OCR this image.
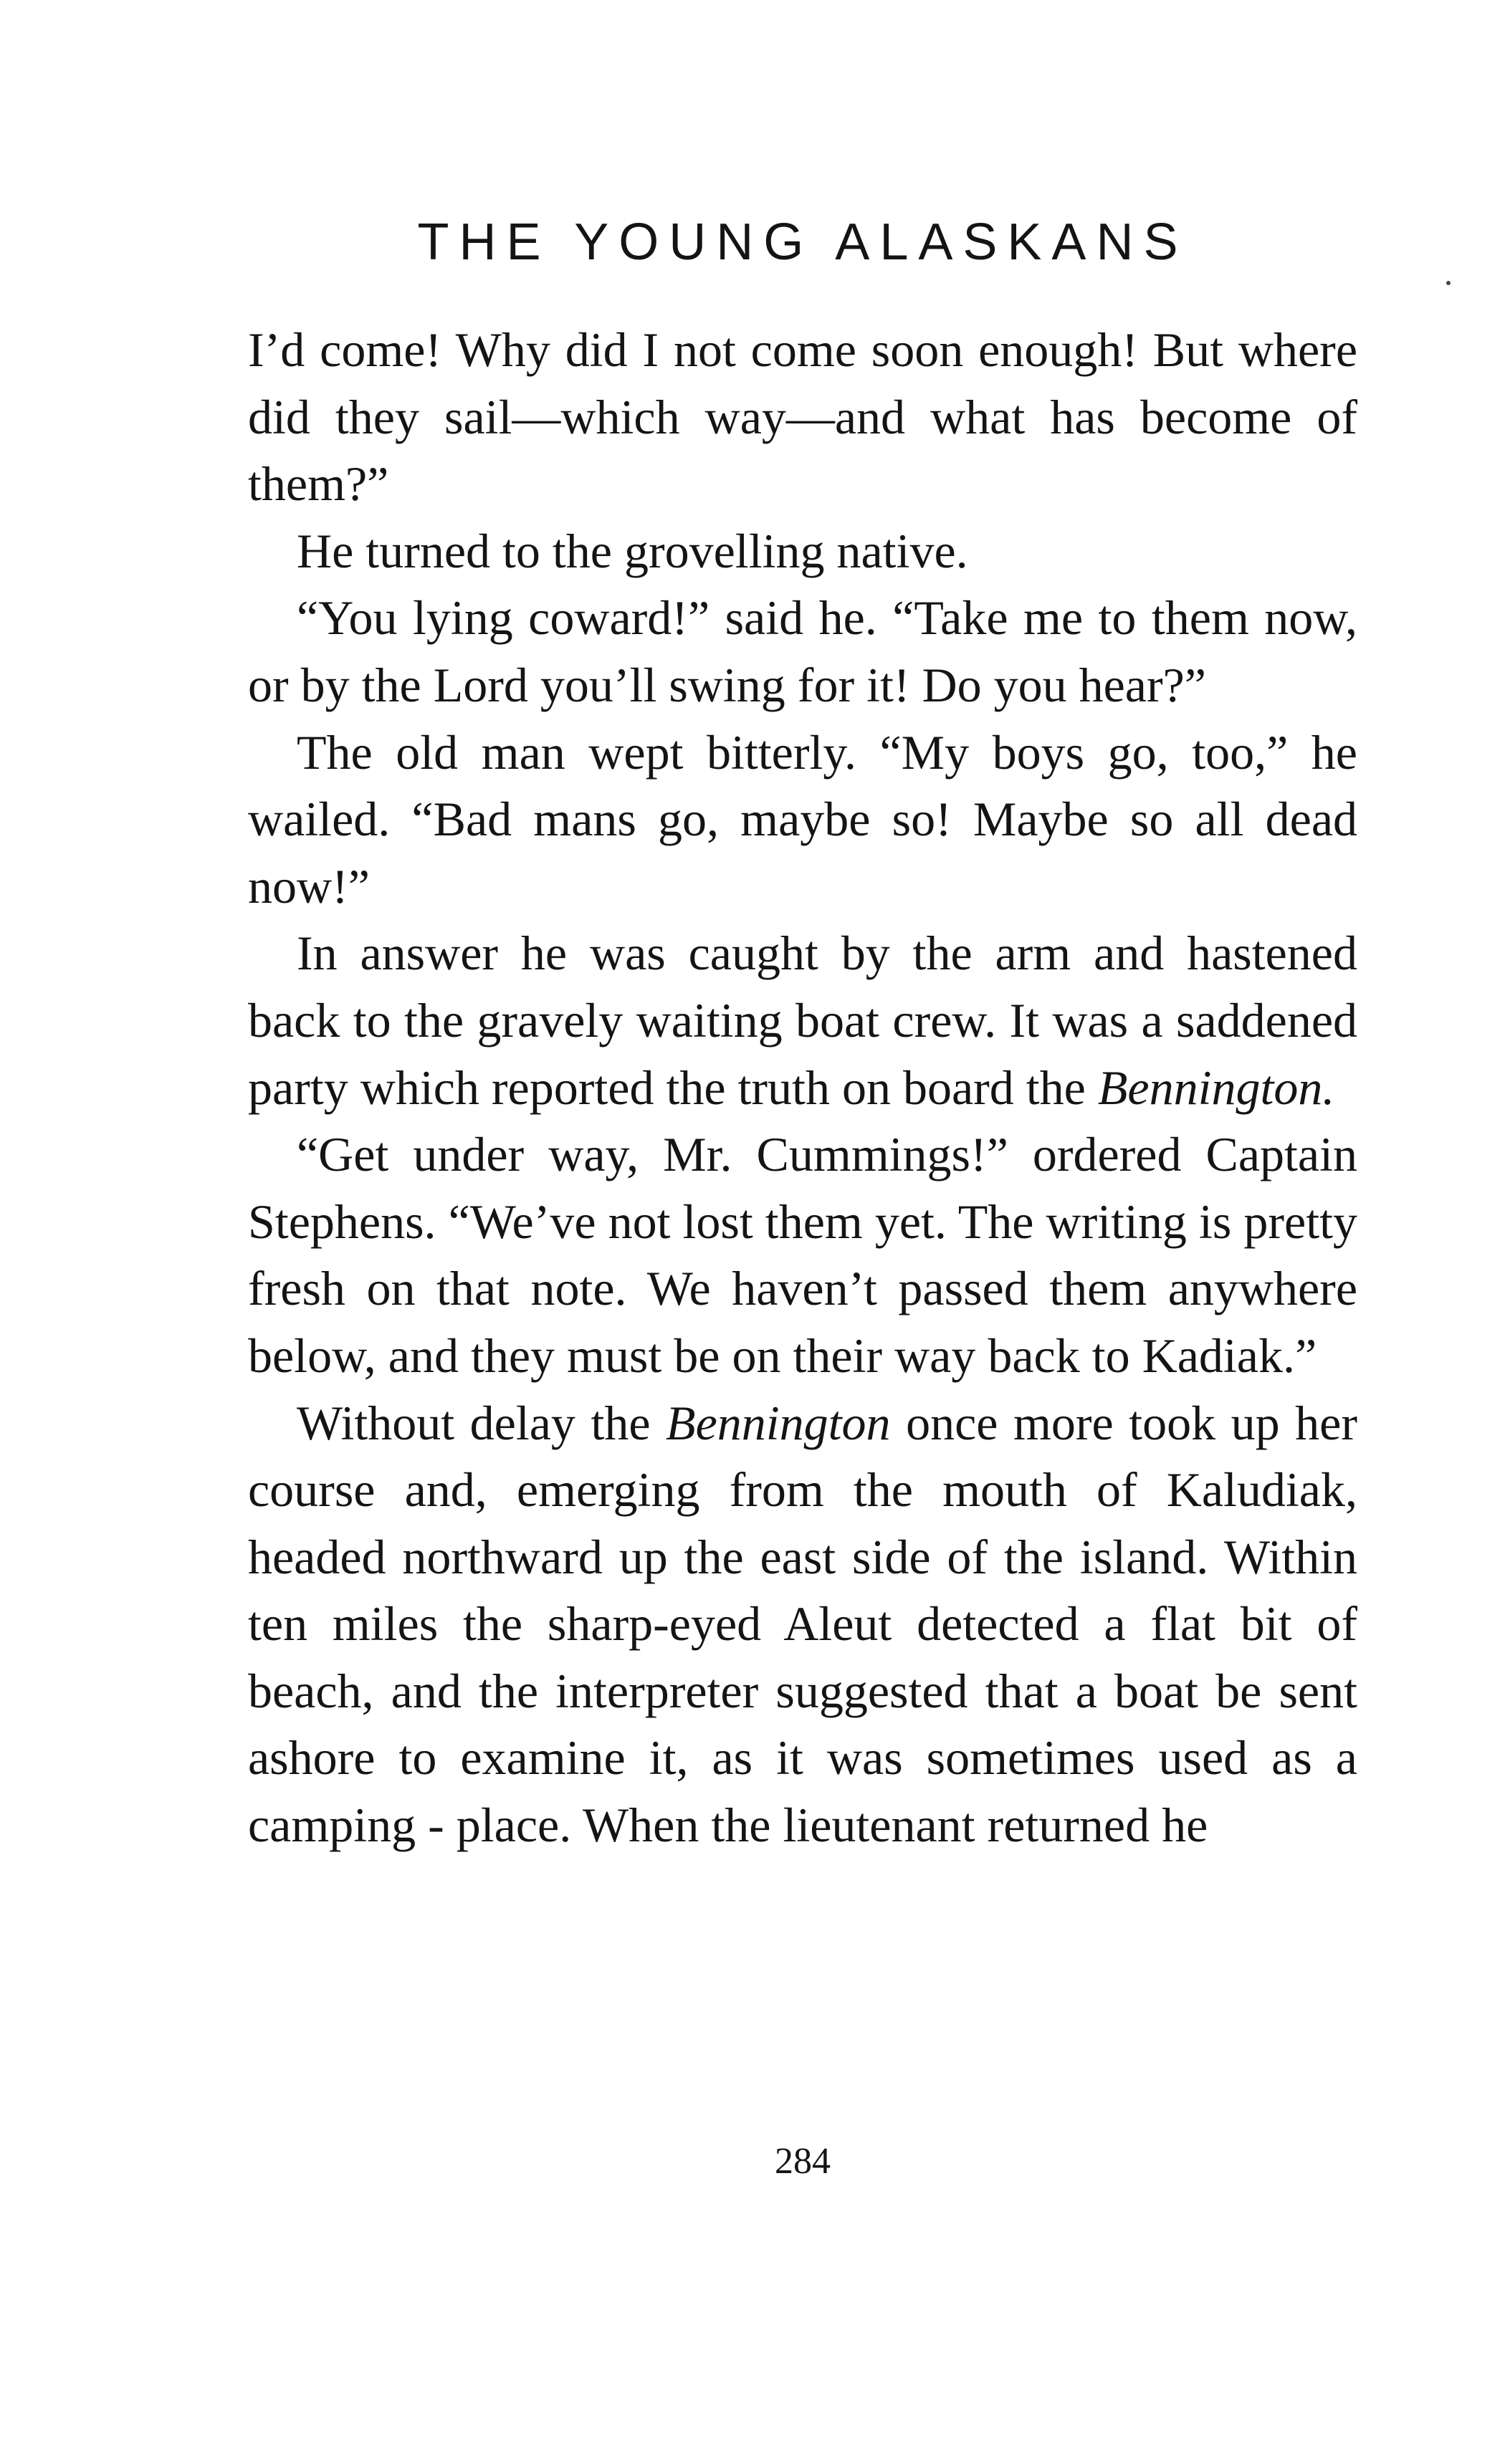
THE YOUNG ALASKANS

I’d come! Why did I not come soon enough! But where did they sail—which way—and what has become of them?”

He turned to the grovelling native.

“You lying coward!” said he. “Take me to them now, or by the Lord you’ll swing for it! Do you hear?”

The old man wept bitterly. “My boys go, too,” he wailed. “Bad mans go, maybe so! Maybe so all dead now!”

In answer he was caught by the arm and hastened back to the gravely waiting boat crew. It was a saddened party which reported the truth on board the Bennington.

“Get under way, Mr. Cummings!” ordered Captain Stephens. “We’ve not lost them yet. The writing is pretty fresh on that note. We haven’t passed them anywhere below, and they must be on their way back to Kadiak.”

Without delay the Bennington once more took up her course and, emerging from the mouth of Kaludiak, headed northward up the east side of the island. Within ten miles the sharp-eyed Aleut detected a flat bit of beach, and the interpreter suggested that a boat be sent ashore to examine it, as it was sometimes used as a camping - place. When the lieutenant returned he

284
